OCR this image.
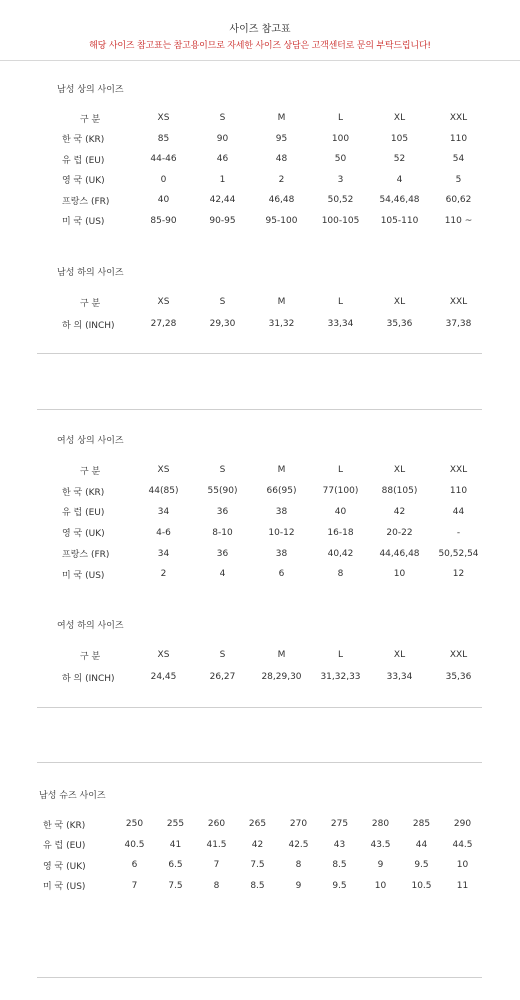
사이즈 참고표
해당 사이즈 참고표는 참고용이므로 자세한 사이즈 상담은 고객센터로 문의 부탁드립니다!
남성 상의 사이즈
구 분	XS	S	M	L	XL	XXL
한 국 (KR)	85	90	95	100	105	110
유 럽 (EU)	44-46	46	48	50	52	54
영 국 (UK)	0	1	2	3	4	5
프랑스 (FR)	40	42,44	46,48	50,52	54,46,48	60,62
미 국 (US)	85-90	90-95	95-100	100-105	105-110	110 ~
남성 하의 사이즈
구 분	XS	S	M	L	XL	XXL
하 의 (INCH)	27,28	29,30	31,32	33,34	35,36	37,38
여성 상의 사이즈
구 분	XS	S	M	L	XL	XXL
한 국 (KR)	44(85)	55(90)	66(95)	77(100)	88(105)	110
유 럽 (EU)	34	36	38	40	42	44
영 국 (UK)	4-6	8-10	10-12	16-18	20-22	-
프랑스 (FR)	34	36	38	40,42	44,46,48	50,52,54
미 국 (US)	2	4	6	8	10	12
여성 하의 사이즈
구 분	XS	S	M	L	XL	XXL
하 의 (INCH)	24,45	26,27	28,29,30	31,32,33	33,34	35,36
남성 슈즈 사이즈
한 국 (KR)	250	255	260	265	270	275	280	285	290
유 럽 (EU)	40.5	41	41.5	42	42.5	43	43.5	44	44.5
영 국 (UK)	6	6.5	7	7.5	8	8.5	9	9.5	10
미 국 (US)	7	7.5	8	8.5	9	9.5	10	10.5	11
